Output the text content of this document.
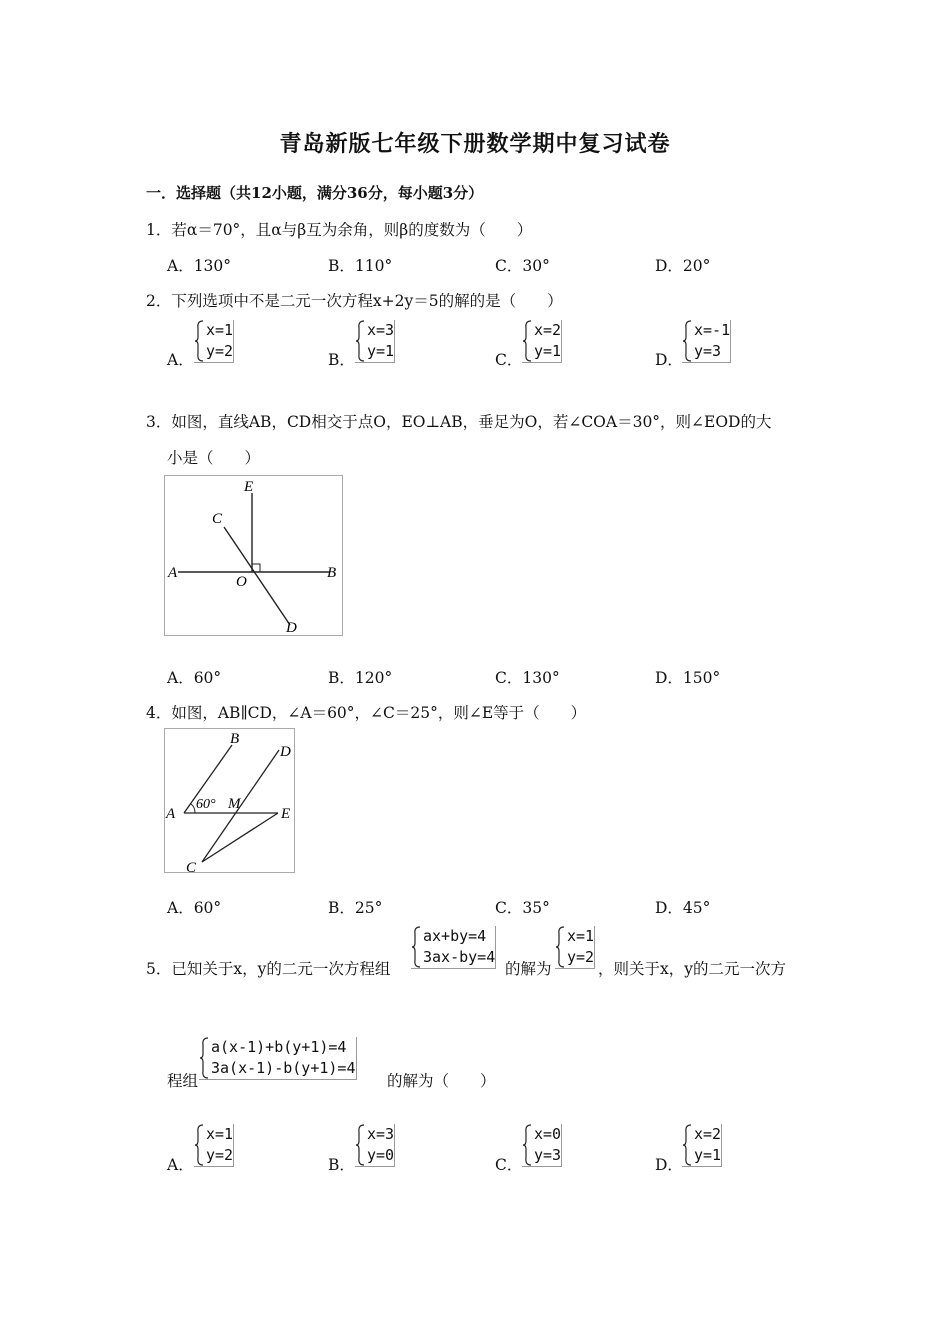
青岛新版七年级下册数学期中复习试卷
一．选择题（共12小题，满分36分，每小题3分）
1．若α＝70°，且α与β互为余角，则β的度数为（　　）
A．130°	B．110°	C．30°	D．20°
2．下列选项中不是二元一次方程x+2y＝5的解的是（　　）
A．
x=1
y=2	B．
x=3
y=1	C．
x=2
y=1	D．
x=-1
y=3
3．如图，直线AB，CD相交于点O，EO⊥AB，垂足为O，若∠COA＝30°，则∠EOD的大
小是（　　）
E
C
A
O
B
D
A．60°	B．120°	C．130°	D．150°
4．如图，AB∥CD，∠A＝60°，∠C＝25°，则∠E等于（　　）
B
D
A
60° M
E
C
A．60°	B．25°	C．35°	D．45°
5．已知关于x，y的二元一次方程组
ax+by=4
3ax-by=4
的解为
x=1
y=2
，则关于x，y的二元一次方
程组
a(x-1)+b(y+1)=4
3a(x-1)-b(y+1)=4
的解为（　　）
A．
x=1
y=2
B．
x=3
y=0
C．
x=0
y=3
D．
x=2
y=1
